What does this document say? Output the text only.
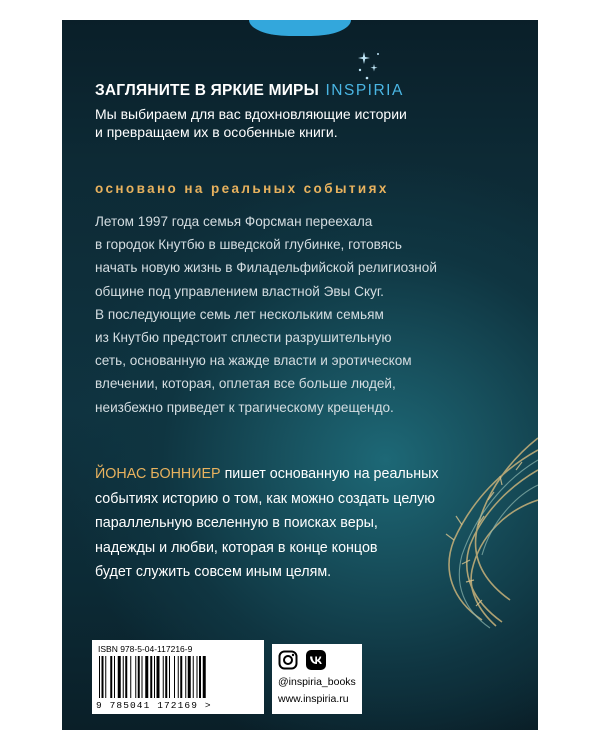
ЗАГЛЯНИТЕ В ЯРКИЕ МИРЫ INSPIRIA

Мы выбираем для вас вдохновляющие истории
и превращаем их в особенные книги.

основано на реальных событиях

Летом 1997 года семья Форсман переехала
в городок Кнутбю в шведской глубинке, готовясь
начать новую жизнь в Филадельфийской религиозной
общине под управлением властной Эвы Скуг.
В последующие семь лет нескольким семьям
из Кнутбю предстоит сплести разрушительную
сеть, основанную на жажде власти и эротическом
влечении, которая, оплетая все больше людей,
неизбежно приведет к трагическому крещендо.

ЙОНАС БОННИЕР пишет основанную на реальных
событиях историю о том, как можно создать целую
параллельную вселенную в поисках веры,
надежды и любви, которая в конце концов
будет служить совсем иным целям.

ISBN 978-5-04-117216-9
9 785041 172169 >
@inspiria_books
www.inspiria.ru
